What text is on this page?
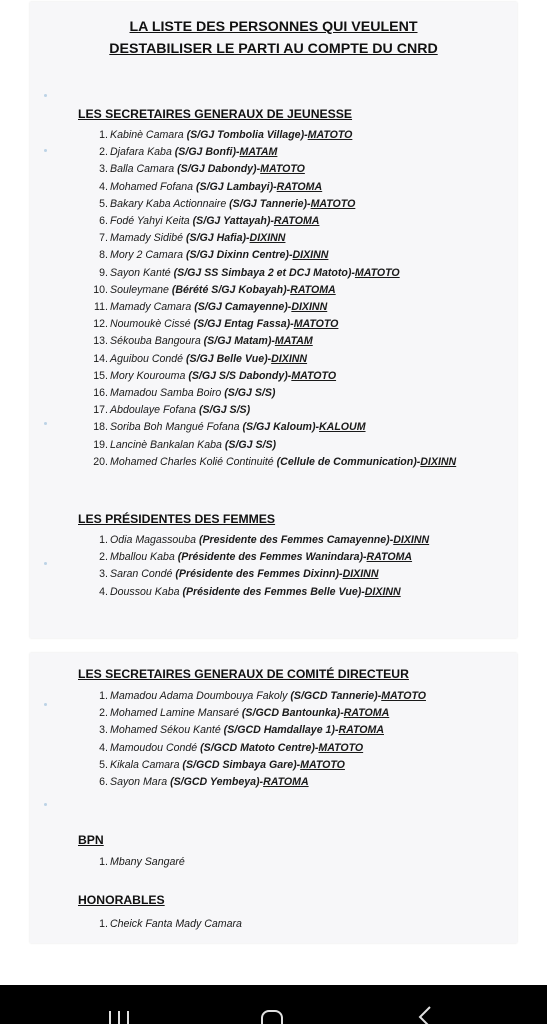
LA LISTE DES PERSONNES QUI VEULENT
DESTABILISER LE PARTI AU COMPTE DU CNRD
LES SECRETAIRES GENERAUX DE JEUNESSE
1. Kabinè Camara (S/GJ Tombolia Village)-MATOTO
2. Djafara Kaba (S/GJ Bonfi)-MATAM
3. Balla Camara (S/GJ Dabondy)-MATOTO
4. Mohamed Fofana (S/GJ Lambayi)-RATOMA
5. Bakary Kaba Actionnaire (S/GJ Tannerie)-MATOTO
6. Fodé Yahyi Keita (S/GJ Yattayah)-RATOMA
7. Mamady Sidibé (S/GJ Hafia)-DIXINN
8. Mory 2 Camara (S/GJ Dixinn Centre)-DIXINN
9. Sayon Kanté (S/GJ SS Simbaya 2 et DCJ Matoto)-MATOTO
10. Souleymane (Bérété S/GJ Kobayah)-RATOMA
11. Mamady Camara (S/GJ Camayenne)-DIXINN
12. Noumoukè Cissé (S/GJ Entag Fassa)-MATOTO
13. Sékouba Bangoura (S/GJ Matam)-MATAM
14. Aguibou Condé (S/GJ Belle Vue)-DIXINN
15. Mory Kourouma (S/GJ S/S Dabondy)-MATOTO
16. Mamadou Samba Boiro (S/GJ S/S)
17. Abdoulaye Fofana (S/GJ S/S)
18. Soriba Boh Mangué Fofana (S/GJ Kaloum)-KALOUM
19. Lancinè Bankalan Kaba (S/GJ S/S)
20. Mohamed Charles Kolié Continuité (Cellule de Communication)-DIXINN
LES PRÉSIDENTES DES FEMMES
1. Odia Magassouba (Presidente des Femmes Camayenne)-DIXINN
2. Mballou Kaba (Présidente des Femmes Wanindara)-RATOMA
3. Saran Condé (Présidente des Femmes Dixinn)-DIXINN
4. Doussou Kaba (Présidente des Femmes Belle Vue)-DIXINN
LES SECRETAIRES GENERAUX DE COMITÉ DIRECTEUR
1. Mamadou Adama Doumbouya Fakoly (S/GCD Tannerie)-MATOTO
2. Mohamed Lamine Mansaré (S/GCD Bantounka)-RATOMA
3. Mohamed Sékou Kanté (S/GCD Hamdallaye 1)-RATOMA
4. Mamoudou Condé (S/GCD Matoto Centre)-MATOTO
5. Kikala Camara (S/GCD Simbaya Gare)-MATOTO
6. Sayon Mara (S/GCD Yembeya)-RATOMA
BPN
1. Mbany Sangaré
HONORABLES
1. Cheick Fanta Mady Camara
